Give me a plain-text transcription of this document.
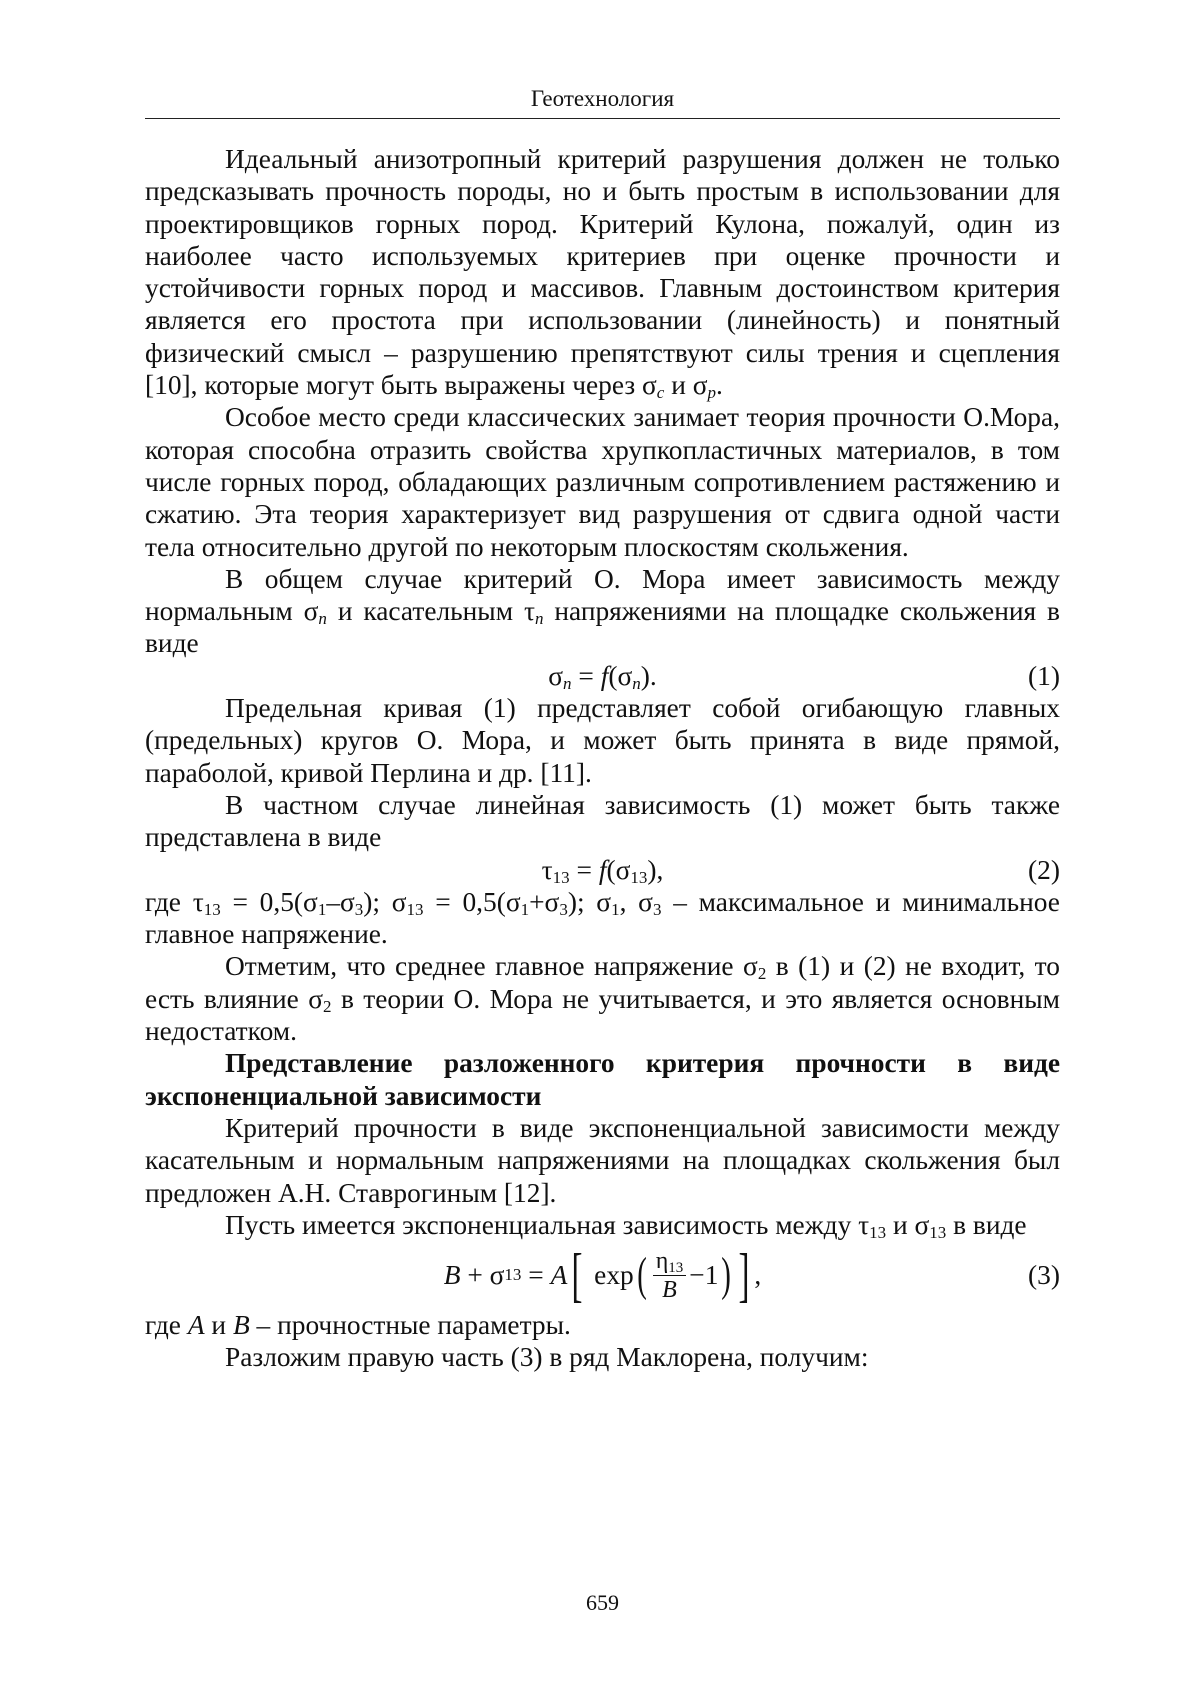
Геотехнология

Идеальный анизотропный критерий разрушения должен не только предсказывать прочность породы, но и быть простым в использовании для проектировщиков горных пород. Критерий Кулона, пожалуй, один из наиболее часто используемых критериев при оценке прочности и устойчивости горных пород и массивов. Главным достоинством критерия является его простота при использовании (линейность) и понятный физический смысл – разрушению препятствуют силы трения и сцепления [10], которые могут быть выражены через $\sigma_c$ и $\sigma_p$.

Особое место среди классических занимает теория прочности О.Мора, которая способна отразить свойства хрупкопластичных материалов, в том числе горных пород, обладающих различным сопротивлением растяжению и сжатию. Эта теория характеризует вид разрушения от сдвига одной части тела относительно другой по некоторым плоскостям скольжения.

В общем случае критерий О. Мора имеет зависимость между нормальным $\sigma_n$ и касательным $\tau_n$ напряжениями на площадке скольжения в виде

$\sigma_n = f(\sigma_n)$.	(1)

Предельная кривая (1) представляет собой огибающую главных (предельных) кругов О. Мора, и может быть принята в виде прямой, параболой, кривой Перлина и др. [11].

В частном случае линейная зависимость (1) может быть также представлена в виде

$\tau_{13} = f(\sigma_{13})$,	(2)

где $\tau_{13} = 0,5(\sigma_1-\sigma_3)$; $\sigma_{13} = 0,5(\sigma_1+\sigma_3)$; $\sigma_1$, $\sigma_3$ – максимальное и минимальное главное напряжение.

Отметим, что среднее главное напряжение $\sigma_2$ в (1) и (2) не входит, то есть влияние $\sigma_2$ в теории О. Мора не учитывается, и это является основным недостатком.

Представление разложенного критерия прочности в виде экспоненциальной зависимости

Критерий прочности в виде экспоненциальной зависимости между касательным и нормальным напряжениями на площадках скольжения был предложен А.Н. Ставрогиным [12].

Пусть имеется экспоненциальная зависимость между $\tau_{13}$ и $\sigma_{13}$ в виде

B
+
σ 13
=
A [
exp ( $\frac{\eta_{13}}{B} -1$ ) ] ,	(3)

где A и B – прочностные параметры.

Разложим правую часть (3) в ряд Маклорена, получим:

659
